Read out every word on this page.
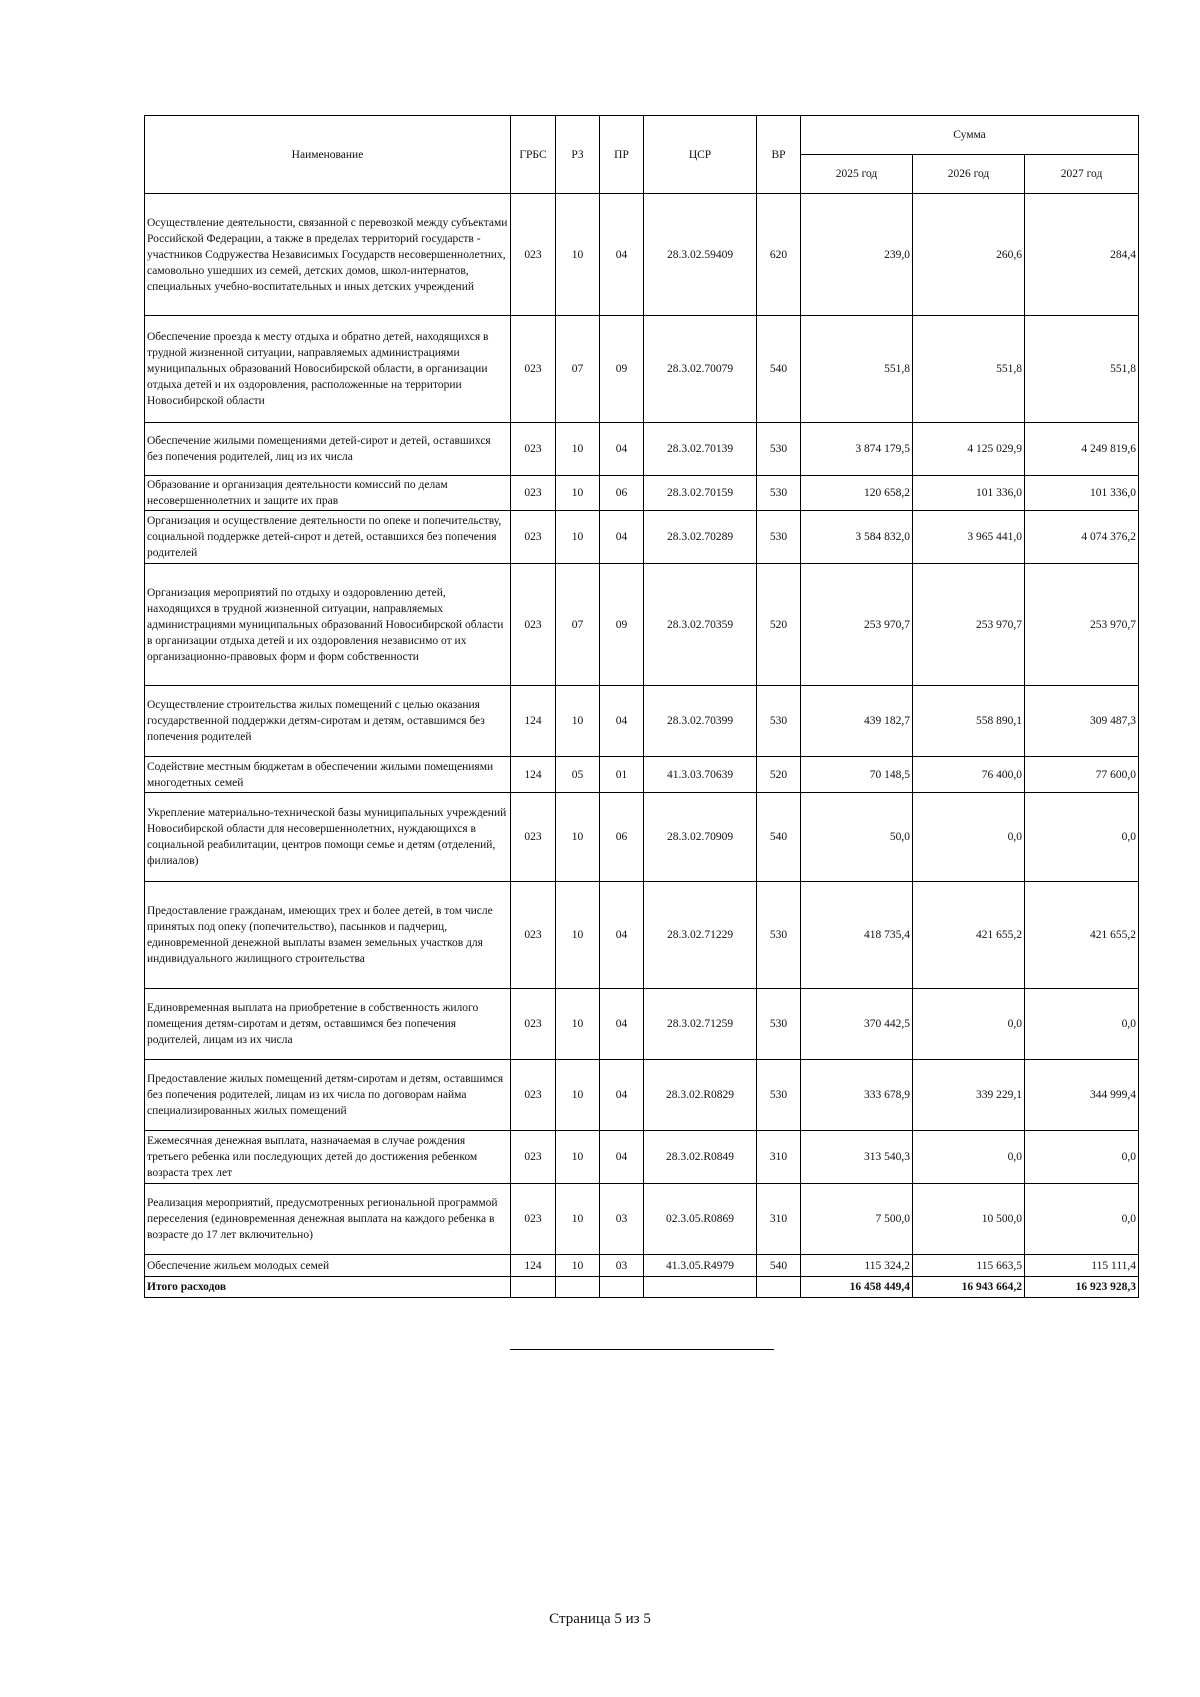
Наименование	ГРБС	РЗ	ПР	ЦСР	ВР	Сумма		
						2025 год	2026 год	2027 год
Осуществление деятельности, связанной с перевозкой между субъектами Российской Федерации, а также в пределах территорий государств - участников Содружества Независимых Государств несовершеннолетних, самовольно ушедших из семей, детских домов, школ-интернатов, специальных учебно-воспитательных и иных детских учреждений	023	10	04	28.3.02.59409	620	239,0	260,6	284,4
Обеспечение проезда к месту отдыха и обратно детей, находящихся в трудной жизненной ситуации, направляемых администрациями муниципальных образований Новосибирской области, в организации отдыха детей и их оздоровления, расположенные на территории Новосибирской области	023	07	09	28.3.02.70079	540	551,8	551,8	551,8
Обеспечение жилыми помещениями детей-сирот и детей, оставшихся без попечения родителей, лиц из их числа	023	10	04	28.3.02.70139	530	3 874 179,5	4 125 029,9	4 249 819,6
Образование и организация деятельности комиссий по делам несовершеннолетних и защите их прав	023	10	06	28.3.02.70159	530	120 658,2	101 336,0	101 336,0
Организация и осуществление деятельности по опеке и попечительству, социальной поддержке детей-сирот и детей, оставшихся без попечения родителей	023	10	04	28.3.02.70289	530	3 584 832,0	3 965 441,0	4 074 376,2
Организация мероприятий по отдыху и оздоровлению детей, находящихся в трудной жизненной ситуации, направляемых администрациями муниципальных образований Новосибирской области в организации отдыха детей и их оздоровления независимо от их организационно-правовых форм и форм собственности	023	07	09	28.3.02.70359	520	253 970,7	253 970,7	253 970,7
Осуществление строительства жилых помещений с целью оказания государственной поддержки детям-сиротам и детям, оставшимся без попечения родителей	124	10	04	28.3.02.70399	530	439 182,7	558 890,1	309 487,3
Содействие местным бюджетам в обеспечении жилыми помещениями многодетных семей	124	05	01	41.3.03.70639	520	70 148,5	76 400,0	77 600,0
Укрепление материально-технической базы муниципальных учреждений Новосибирской области для несовершеннолетних, нуждающихся в социальной реабилитации, центров помощи семье и детям (отделений, филиалов)	023	10	06	28.3.02.70909	540	50,0	0,0	0,0
Предоставление гражданам, имеющих трех и более детей, в том числе принятых под опеку (попечительство), пасынков и падчериц, единовременной денежной выплаты взамен земельных участков для индивидуального жилищного строительства	023	10	04	28.3.02.71229	530	418 735,4	421 655,2	421 655,2
Единовременная выплата на приобретение в собственность жилого помещения детям-сиротам и детям, оставшимся без попечения родителей, лицам из их числа	023	10	04	28.3.02.71259	530	370 442,5	0,0	0,0
Предоставление жилых помещений детям-сиротам и детям, оставшимся без попечения родителей, лицам из их числа по договорам найма специализированных жилых помещений	023	10	04	28.3.02.R0829	530	333 678,9	339 229,1	344 999,4
Ежемесячная денежная выплата, назначаемая в случае рождения третьего ребенка или последующих детей до достижения ребенком возраста трех лет	023	10	04	28.3.02.R0849	310	313 540,3	0,0	0,0
Реализация мероприятий, предусмотренных региональной программой переселения (единовременная денежная выплата на каждого ребенка в возрасте до 17 лет включительно)	023	10	03	02.3.05.R0869	310	7 500,0	10 500,0	0,0
Обеспечение жильем молодых семей	124	10	03	41.3.05.R4979	540	115 324,2	115 663,5	115 111,4
Итого расходов						16 458 449,4	16 943 664,2	16 923 928,3
Страница 5 из 5
